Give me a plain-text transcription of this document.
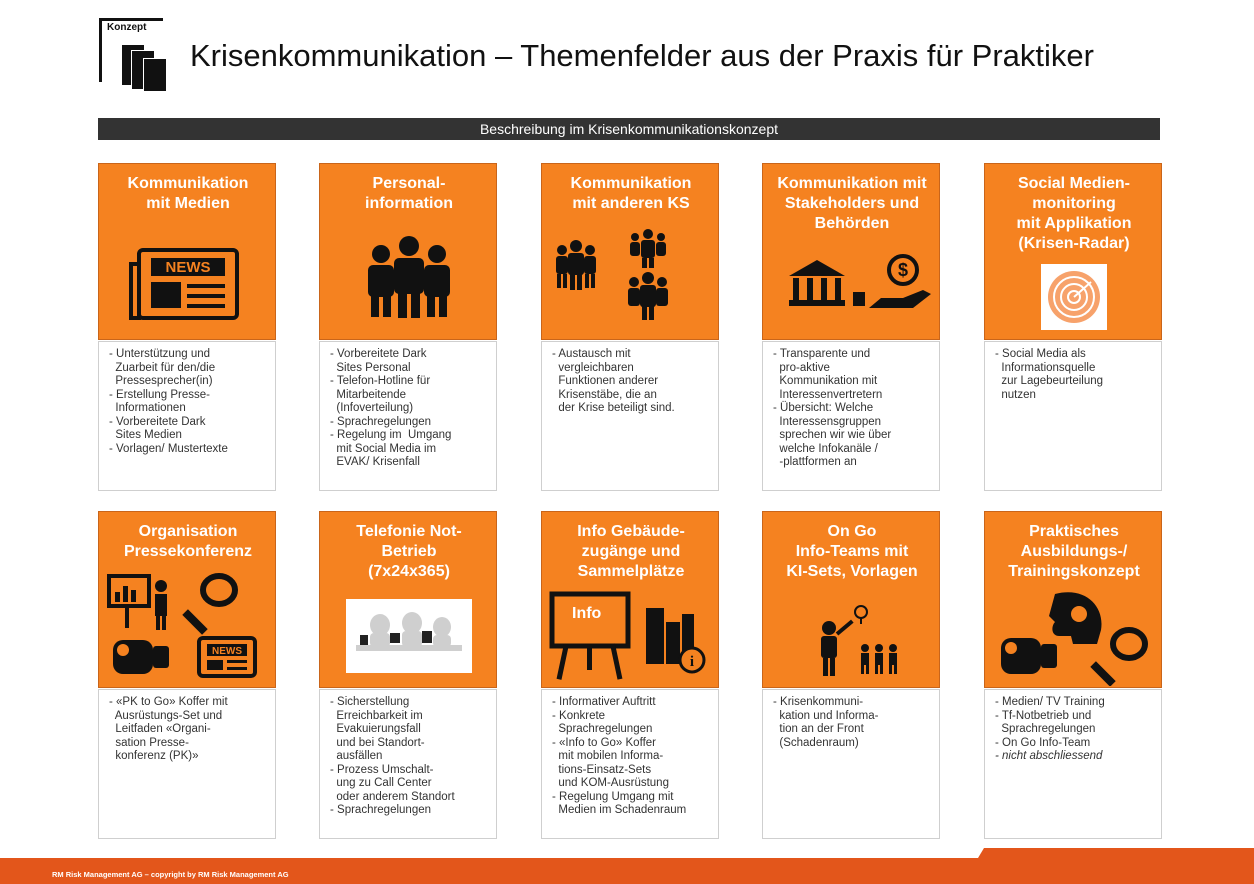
Konzept
Krisenkommunikation – Themenfelder aus der Praxis für Praktiker
Beschreibung im Krisenkommunikationskonzept
Kommunikation
mit Medien
NEWS
- Unterstützung und
Zuarbeit für den/die
Pressesprecher(in)
- Erstellung Presse-
Informationen
- Vorbereitete Dark
Sites Medien
- Vorlagen/ Mustertexte
Personal-
information
- Vorbereitete Dark
Sites Personal
- Telefon-Hotline für
Mitarbeitende
(Infoverteilung)
- Sprachregelungen
- Regelung im  Umgang
mit Social Media im
EVAK/ Krisenfall
Kommunikation
mit anderen KS
- Austausch mit
vergleichbaren
Funktionen anderer
Krisenstäbe, die an
der Krise beteiligt sind.
Kommunikation mit
Stakeholders und
Behörden
$
- Transparente und
pro-aktive
Kommunikation mit
Interessenvertretern
- Übersicht: Welche
Interessensgruppen
sprechen wir wie über
welche Infokanäle /
-plattformen an
Social Medien-
monitoring
mit Applikation
(Krisen-Radar)
- Social Media als
Informationsquelle
zur Lagebeurteilung
nutzen
Organisation
Pressekonferenz
NEWS
- «PK to Go» Koffer mit
Ausrüstungs-Set und
Leitfaden «Organi-
sation Presse-
konferenz (PK)»
Telefonie Not-
Betrieb
(7x24x365)
- Sicherstellung
Erreichbarkeit im
Evakuierungsfall
und bei Standort-
ausfällen
- Prozess Umschalt-
ung zu Call Center
oder anderem Standort
- Sprachregelungen
Info Gebäude-
zugänge und
Sammelplätze
Info
i
- Informativer Auftritt
- Konkrete
Sprachregelungen
- «Info to Go» Koffer
mit mobilen Informa-
tions-Einsatz-Sets
und KOM-Ausrüstung
- Regelung Umgang mit
Medien im Schadenraum
On Go
Info-Teams mit
KI-Sets, Vorlagen
- Krisenkommuni-
kation und Informa-
tion an der Front
(Schadenraum)
Praktisches
Ausbildungs-/
Trainingskonzept
- Medien/ TV Training
- Tf-Notbetrieb und
Sprachregelungen
- On Go Info-Team
- nicht abschliessend
RM Risk Management AG – copyright by RM Risk Management AG
